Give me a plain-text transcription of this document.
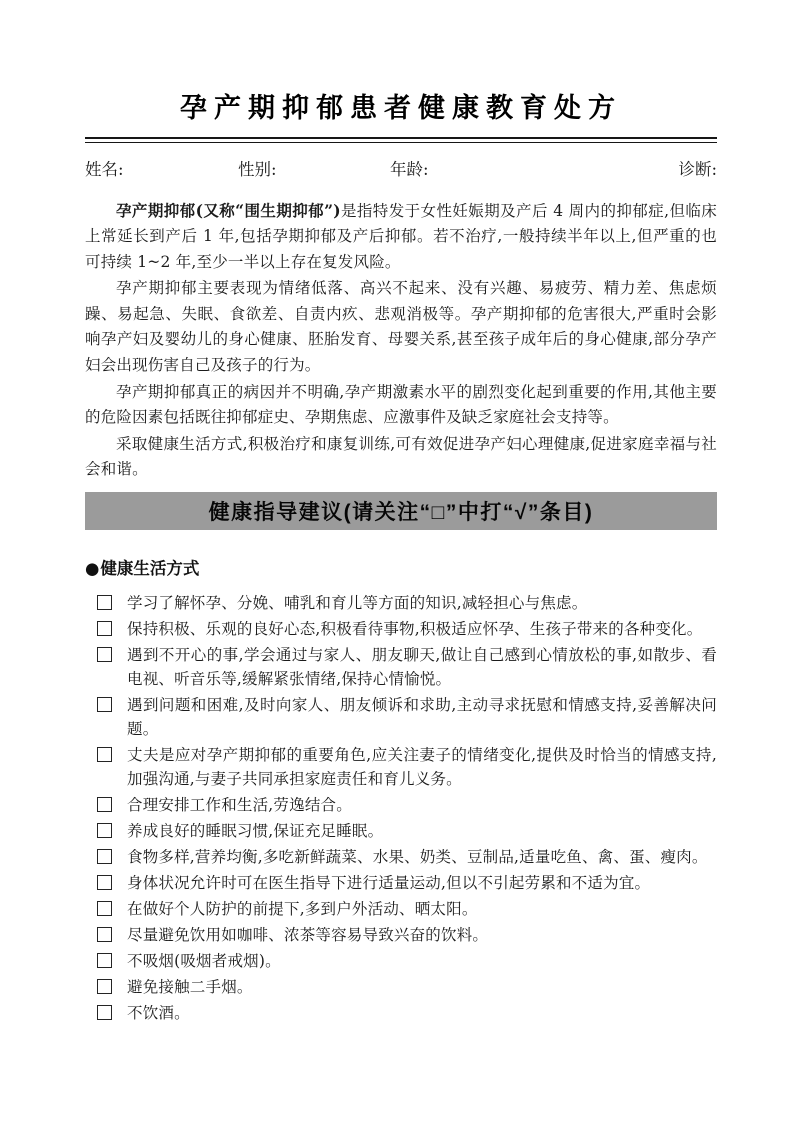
孕产期抑郁患者健康教育处方
姓名:	性别:	年龄:	诊断:

孕产期抑郁(又称“围生期抑郁”)是指特发于女性妊娠期及产后 4 周内的抑郁症,但临床上常延长到产后 1 年,包括孕期抑郁及产后抑郁。若不治疗,一般持续半年以上,但严重的也可持续 1~2 年,至少一半以上存在复发风险。

孕产期抑郁主要表现为情绪低落、高兴不起来、没有兴趣、易疲劳、精力差、焦虑烦躁、易起急、失眠、食欲差、自责内疚、悲观消极等。孕产期抑郁的危害很大,严重时会影响孕产妇及婴幼儿的身心健康、胚胎发育、母婴关系,甚至孩子成年后的身心健康,部分孕产妇会出现伤害自己及孩子的行为。

孕产期抑郁真正的病因并不明确,孕产期激素水平的剧烈变化起到重要的作用,其他主要的危险因素包括既往抑郁症史、孕期焦虑、应激事件及缺乏家庭社会支持等。

采取健康生活方式,积极治疗和康复训练,可有效促进孕产妇心理健康,促进家庭幸福与社会和谐。

健康指导建议(请关注“□”中打“√”条目)
●健康生活方式
学习了解怀孕、分娩、哺乳和育儿等方面的知识,减轻担心与焦虑。
保持积极、乐观的良好心态,积极看待事物,积极适应怀孕、生孩子带来的各种变化。
遇到不开心的事,学会通过与家人、朋友聊天,做让自己感到心情放松的事,如散步、看电视、听音乐等,缓解紧张情绪,保持心情愉悦。
遇到问题和困难,及时向家人、朋友倾诉和求助,主动寻求抚慰和情感支持,妥善解决问题。
丈夫是应对孕产期抑郁的重要角色,应关注妻子的情绪变化,提供及时恰当的情感支持,加强沟通,与妻子共同承担家庭责任和育儿义务。
合理安排工作和生活,劳逸结合。
养成良好的睡眠习惯,保证充足睡眠。
食物多样,营养均衡,多吃新鲜蔬菜、水果、奶类、豆制品,适量吃鱼、禽、蛋、瘦肉。
身体状况允许时可在医生指导下进行适量运动,但以不引起劳累和不适为宜。
在做好个人防护的前提下,多到户外活动、晒太阳。
尽量避免饮用如咖啡、浓茶等容易导致兴奋的饮料。
不吸烟(吸烟者戒烟)。
避免接触二手烟。
不饮酒。
